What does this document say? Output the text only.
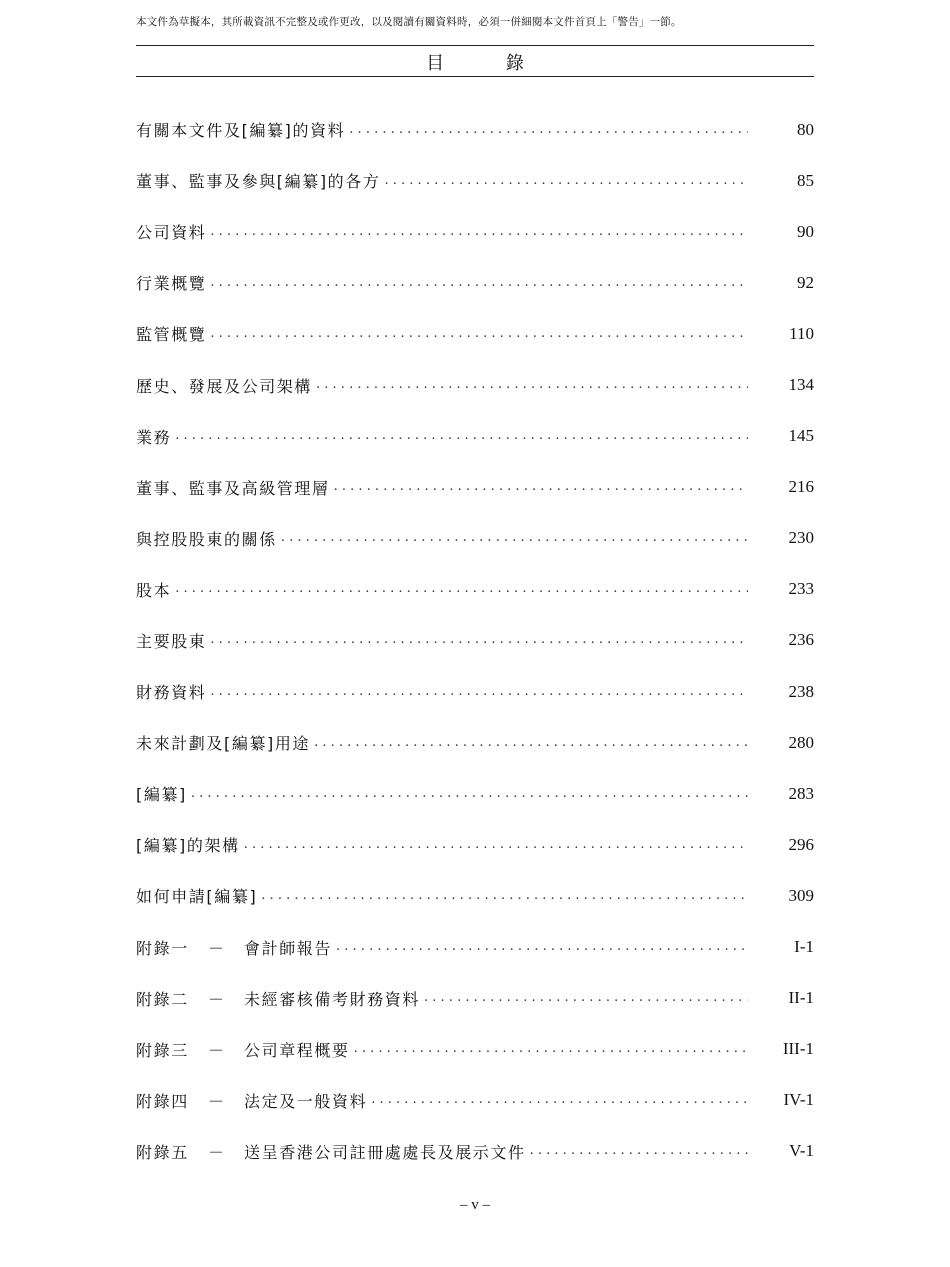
本文件為草擬本，其所載資訊不完整及或作更改，以及閱讀有關資料時，必須一併細閱本文件首頁上「警告」一節。
目 錄
有關本文件及[編纂]的資料 . . .	80
董事、監事及參與[編纂]的各方 . . .	85
公司資料 . . .	90
行業概覽 . . .	92
監管概覽 . . .	110
歷史、發展及公司架構 . . .	134
業務 . . .	145
董事、監事及高級管理層 . . .	216
與控股股東的關係 . . .	230
股本 . . .	233
主要股東 . . .	236
財務資料 . . .	238
未來計劃及[編纂]用途 . . .	280
[編纂] . . .	283
[編纂]的架構 . . .	296
如何申請[編纂] . . .	309
附錄一	－	會計師報告 . . .	I-1
附錄二	－	未經審核備考財務資料 . . .	II-1
附錄三	－	公司章程概要 . . .	III-1
附錄四	－	法定及一般資料 . . .	IV-1
附錄五	－	送呈香港公司註冊處處長及展示文件 . . .	V-1
– v –
